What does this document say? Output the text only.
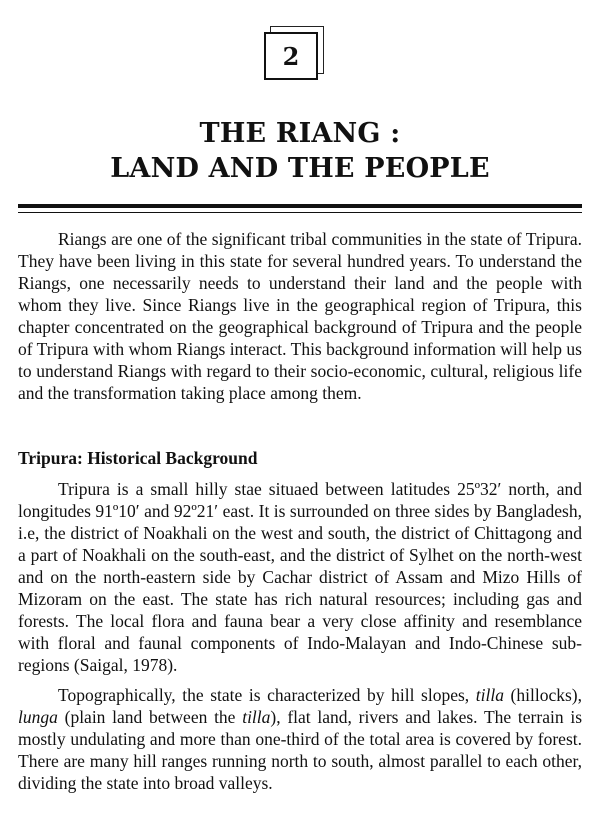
2
THE RIANG :
LAND AND THE PEOPLE

Riangs are one of the significant tribal communities in the state of Tripura. They have been living in this state for several hundred years. To understand the Riangs, one necessarily needs to understand their land and the people with whom they live. Since Riangs live in the geographical region of Tripura, this chapter concentrated on the geographical background of Tripura and the people of Tripura with whom Riangs interact. This background information will help us to understand Riangs with regard to their socio-economic, cultural, religious life and the transformation taking place among them.

Tripura: Historical Background

Tripura is a small hilly stae situaed between latitudes 25º32′ north, and longitudes 91º10′ and 92º21′ east. It is surrounded on three sides by Bangladesh, i.e, the district of Noakhali on the west and south, the district of Chittagong and a part of Noakhali on the south-east, and the district of Sylhet on the north-west and on the north-eastern side by Cachar district of Assam and Mizo Hills of Mizoram on the east. The state has rich natural resources; including gas and forests. The local flora and fauna bear a very close affinity and resemblance with floral and faunal components of Indo-Malayan and Indo-Chinese sub-regions (Saigal, 1978).

Topographically, the state is characterized by hill slopes, tilla (hillocks), lunga (plain land between the tilla), flat land, rivers and lakes. The terrain is mostly undulating and more than one-third of the total area is covered by forest. There are many hill ranges running north to south, almost parallel to each other, dividing the state into broad valleys.
